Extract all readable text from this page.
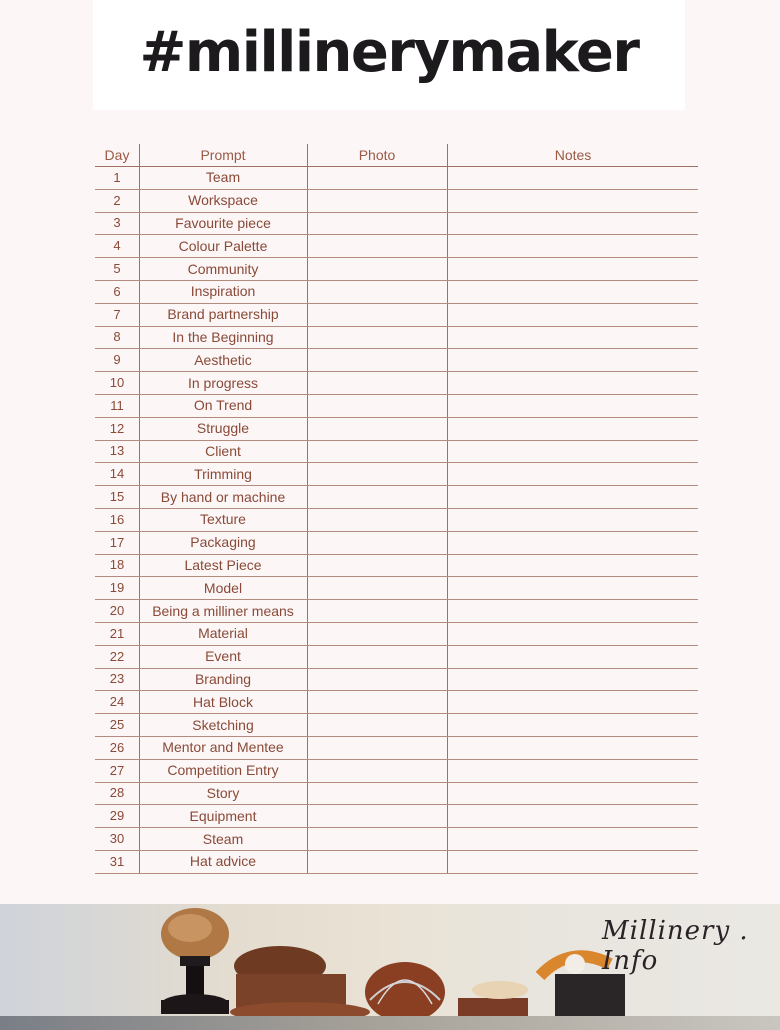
#millinerymaker
Day	Prompt	Photo	Notes
1	Team
2	Workspace
3	Favourite piece
4	Colour Palette
5	Community
6	Inspiration
7	Brand partnership
8	In the Beginning
9	Aesthetic
10	In progress
11	On Trend
12	Struggle
13	Client
14	Trimming
15	By hand or machine
16	Texture
17	Packaging
18	Latest Piece
19	Model
20	Being a milliner means
21	Material
22	Event
23	Branding
24	Hat Block
25	Sketching
26	Mentor and Mentee
27	Competition Entry
28	Story
29	Equipment
30	Steam
31	Hat advice
Millinery . Info
